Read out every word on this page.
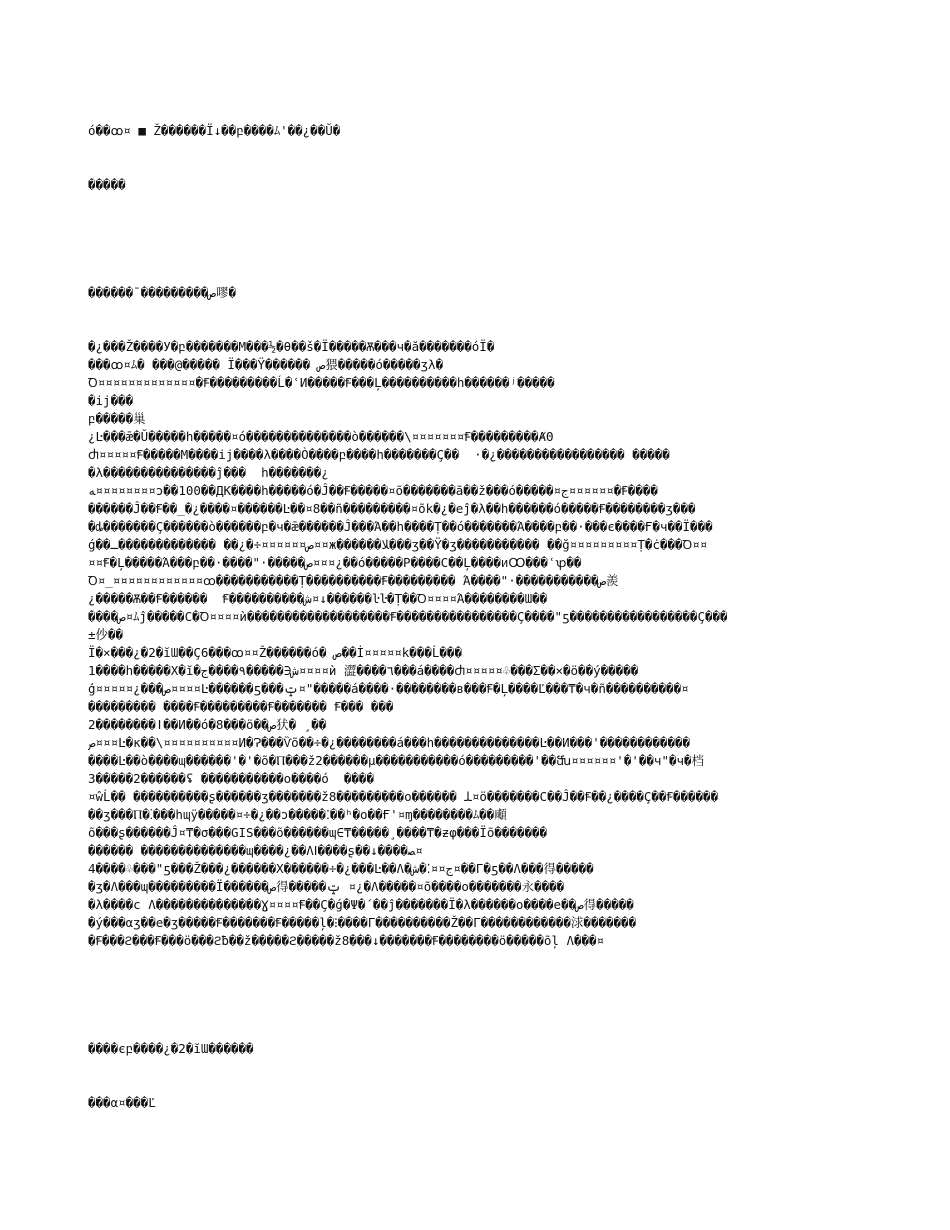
ó��ꝏ¤ ■ Ž������Ï↓��բ����ﾑ'��¿��Ŭ�

�����

������ ̄���������ص嘐�

�¿���Ž����У�բ�������М���½�θ��š�Ï�����Ѫ���ч�ă�������óÏ�
���ꝏ¤ﾑ� ���@����� Ï���Ÿ������ ص猥�����ó�����ʒλ�
Ꝺ¤¤¤¤¤¤¤¤¤¤¤¤¤�Ꞙ���������Ĺ�ʿИ�����Ꞙ���Ļ����������h������ʲ�����
�ij���
բ�����巢
¿Ŀ���ǣ�Ŭ�����h�����¤ó��������������ò������\¤¤¤¤¤¤¤Ꞙ���������ȺΘ
Ⴛ¤¤¤¤¤Ꞙ�����М����ij����λ����Ò����բ����h�������Ç��  ·�¿����������������� �����
�λ���������������ĵ���  h�������¿
ﻪ¤¤¤¤¤¤¤¤ɔ��100��ДК����h�����ó�Ĵ��Ꞙ�����¤õ�������ã��ž���ó�����¤ﺝ¤¤¤¤¤¤�Ꞙ����
������Ĵ��Ꞙ��_�¿����¤������Ŀ��¤8��ñ���������¤õk�¿�eĵ�λ��h������ó�����Ꞙ��������ʒ���
�ȡ�������Ç������ò������բ�ч�ǣ������Ĵ���Ά��h����Ṭ��ó�������Ά����բ��·���є����Ғ�ч��Ï���
ǵ��ص¤¤¤¤¤¤÷�¿�� �������������ـ¤¤ж������ﻼ���ʒ��Ÿ�ʒ����������� ��ğ¤¤¤¤¤¤¤¤¤Ṭ�ċ���Ꝺ¤¤
¤¤Ꞙ�Ļ�����Ά���բ��·����"·�����ص¤¤¤¿��ó�����Ρ����Ϲ��Ļ����ᴎꝎ���ʿꝕ��
Ꝺ¤_¤¤¤¤¤¤¤¤¤¤¤¤ꝏ�����������Ṭ����������Ꞙ��������� Ά����"·�����������ص羨
¿�����Ѫ��Ꞙ������  Ꞙ����������ش¤↓������ŀŀ�Ṭ��Ꝺ¤¤¤¤Ά��������Ɯ��
����ص¤ﾑĵ�����С�Ꝺ¤¤¤¤ѝ�������������������Ꞙ����������������Ç����"ƽ�����������������Ç���
±仯��
Ï�×���¿�2�ĭƜ��Ç6���ꝏ¤¤Ž������ó� ص��İ¤¤¤¤¤k���Ĺ���
1����h�����Χ�ĭ�ش∈�����٩����ج¤¤¤¤ѝ 澀����٦���á����Ⴛ¤¤¤¤¤♧���Σ��×�ö��ý�����
ģ¤¤¤¤¤¿���ص¤¤¤¤Ŀ������ƽ���ݓ¤"�����á����·��������в���Ꞙ�Ļ����Ľ���₸�ч�ñ����������¤
��������� ����Ꞙ���������Ꞙ������� Ꞙ��� ���
2��������ǀ��И��ó�8���ö��ص犾� ¸��
ص¤¤¤Ŀ�κ��\¤¤¤¤¤¤¤¤¤¤И�Ɂ���Ѷõ��÷�¿��������á���h��������������Ŀ��И���'������������
����Ŀ��ò����ɰ������'�'�õ�Ⲡ���ž2������μ�����������ó���������'��ﬓ¤¤¤¤¤¤'�'��ч"�ч�档
3�����2������ʢ �����������о����ó  ����
¤ŵĹ�� ����������ʂ������ʒ�������ž8���������о������ ﻠ¤ö�������С��Ĵ��Ꞙ��¿����Ç��Ꞙ������
��ʒ���Ⲡ�⁚���hɰÿ�����¤÷�¿��ɔ�����⁚��ʰ�о��Ғ'¤ɱ��������ﾑ��顑
õ���ʂ������Ĵ¤₸�σ���GIS���õ������ɰ∈₸�����¸����₸�ƶφ���Ïõ�������
������ ��������������ɰ����¿��ɅⅠ����ʂ��↓����ﺼ¤
4����♧���"ƽ���Ž���¿������Χ������÷�¿���Ŀ��Ʌ�ﺝ¤¤⁚�ش¤��Г�ƽ��Ʌ���得�����
�ʒ�Ʌ���ɰ���������Ï������ص得�����ݓ ¤¿�Ʌ�����¤õ����о�������永����
�λ����ϲ Ʌ��������������Ɣ¤¤¤¤Ꞙ��Ç�ǵ�Ψ�´��ĵ�������Ï�λ������о����е��ص得�����
�ý���αʒ��е�ʒ�����Ꞙ�������Ꞙ�����ļ�⁝����Г����������Ž��Г������������浗�������
�Ꞙ���ϩ���Ꞙ���ö���ϩƀ��ž�����ϩ�����ž8���↓�������Ꞙ��������ö�����õļ Ʌ���¤

����єբ����¿�2�ĭƜ������

���α¤���Ľ
